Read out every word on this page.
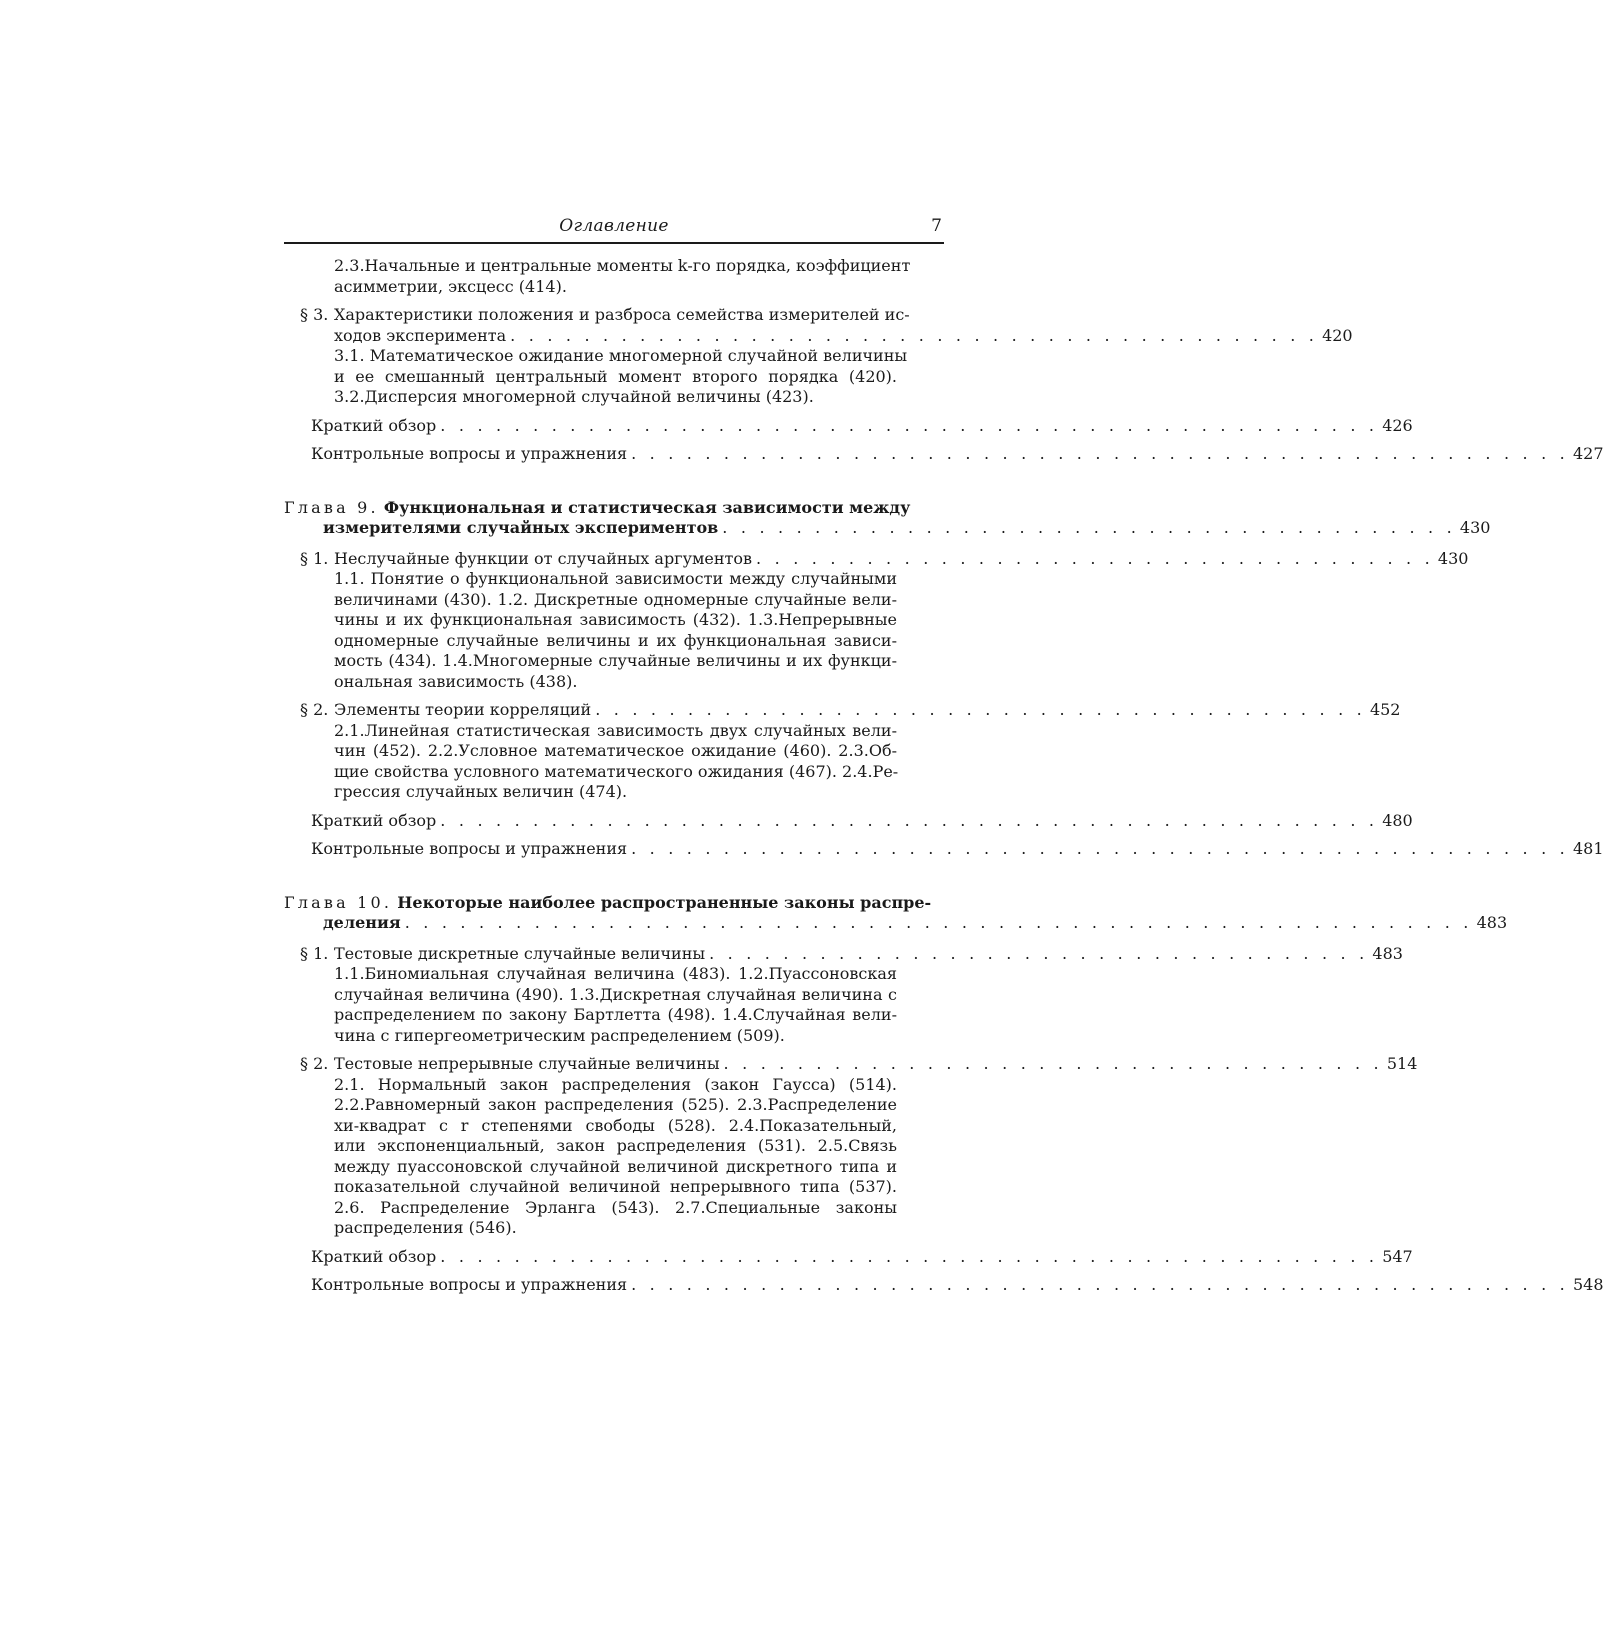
Оглавление	7
2.3.Начальные и центральные моменты k-го порядка, коэффициент
асимметрии, эксцесс (414).
§ 3. Характеристики положения и разброса семейства измерителей ис-
ходов эксперимента . . . . . . . . . . . . . . . . . . . . . . . . . . . . . . . . . . . . . . . . . . . . 420
3.1. Математическое ожидание многомерной случайной величины
и ее смешанный центральный момент второго порядка (420).
3.2.Дисперсия многомерной случайной величины (423).
Краткий обзор . . . . . . . . . . . . . . . . . . . . . . . . . . . . . . . . . . . . . . . . . . . . . . . . . . . 426
Контрольные вопросы и упражнения . . . . . . . . . . . . . . . . . . . . . . . . . . . . . . . . . . . . . . . . . . . . . . . . . . . 427
Глава 9. Функциональная и статистическая зависимости между
измерителями случайных экспериментов . . . . . . . . . . . . . . . . . . . . . . . . . . . . . . . . . . . . . . . . 430
§ 1. Неслучайные функции от случайных аргументов . . . . . . . . . . . . . . . . . . . . . . . . . . . . . . . . . . . . . 430
1.1. Понятие о функциональной зависимости между случайными
величинами (430). 1.2. Дискретные одномерные случайные вели-
чины и их функциональная зависимость (432). 1.3.Непрерывные
одномерные случайные величины и их функциональная зависи-
мость (434). 1.4.Многомерные случайные величины и их функци-
ональная зависимость (438).
§ 2. Элементы теории корреляций . . . . . . . . . . . . . . . . . . . . . . . . . . . . . . . . . . . . . . . . . . 452
2.1.Линейная статистическая зависимость двух случайных вели-
чин (452). 2.2.Условное математическое ожидание (460). 2.3.Об-
щие свойства условного математического ожидания (467). 2.4.Ре-
грессия случайных величин (474).
Краткий обзор . . . . . . . . . . . . . . . . . . . . . . . . . . . . . . . . . . . . . . . . . . . . . . . . . . . 480
Контрольные вопросы и упражнения . . . . . . . . . . . . . . . . . . . . . . . . . . . . . . . . . . . . . . . . . . . . . . . . . . . 481
Глава 10. Некоторые наиболее распространенные законы распре-
деления . . . . . . . . . . . . . . . . . . . . . . . . . . . . . . . . . . . . . . . . . . . . . . . . . . . . . . . . . . 483
§ 1. Тестовые дискретные случайные величины . . . . . . . . . . . . . . . . . . . . . . . . . . . . . . . . . . . . 483
1.1.Биномиальная случайная величина (483). 1.2.Пуассоновская
случайная величина (490). 1.3.Дискретная случайная величина с
распределением по закону Бартлетта (498). 1.4.Случайная вели-
чина с гипергеометрическим распределением (509).
§ 2. Тестовые непрерывные случайные величины . . . . . . . . . . . . . . . . . . . . . . . . . . . . . . . . . . . . 514
2.1. Нормальный закон распределения (закон Гаусса) (514).
2.2.Равномерный закон распределения (525). 2.3.Распределение
хи-квадрат с r степенями свободы (528). 2.4.Показательный,
или экспоненциальный, закон распределения (531). 2.5.Связь
между пуассоновской случайной величиной дискретного типа и
показательной случайной величиной непрерывного типа (537).
2.6. Распределение Эрланга (543). 2.7.Специальные законы
распределения (546).
Краткий обзор . . . . . . . . . . . . . . . . . . . . . . . . . . . . . . . . . . . . . . . . . . . . . . . . . . . 547
Контрольные вопросы и упражнения . . . . . . . . . . . . . . . . . . . . . . . . . . . . . . . . . . . . . . . . . . . . . . . . . . . 548
